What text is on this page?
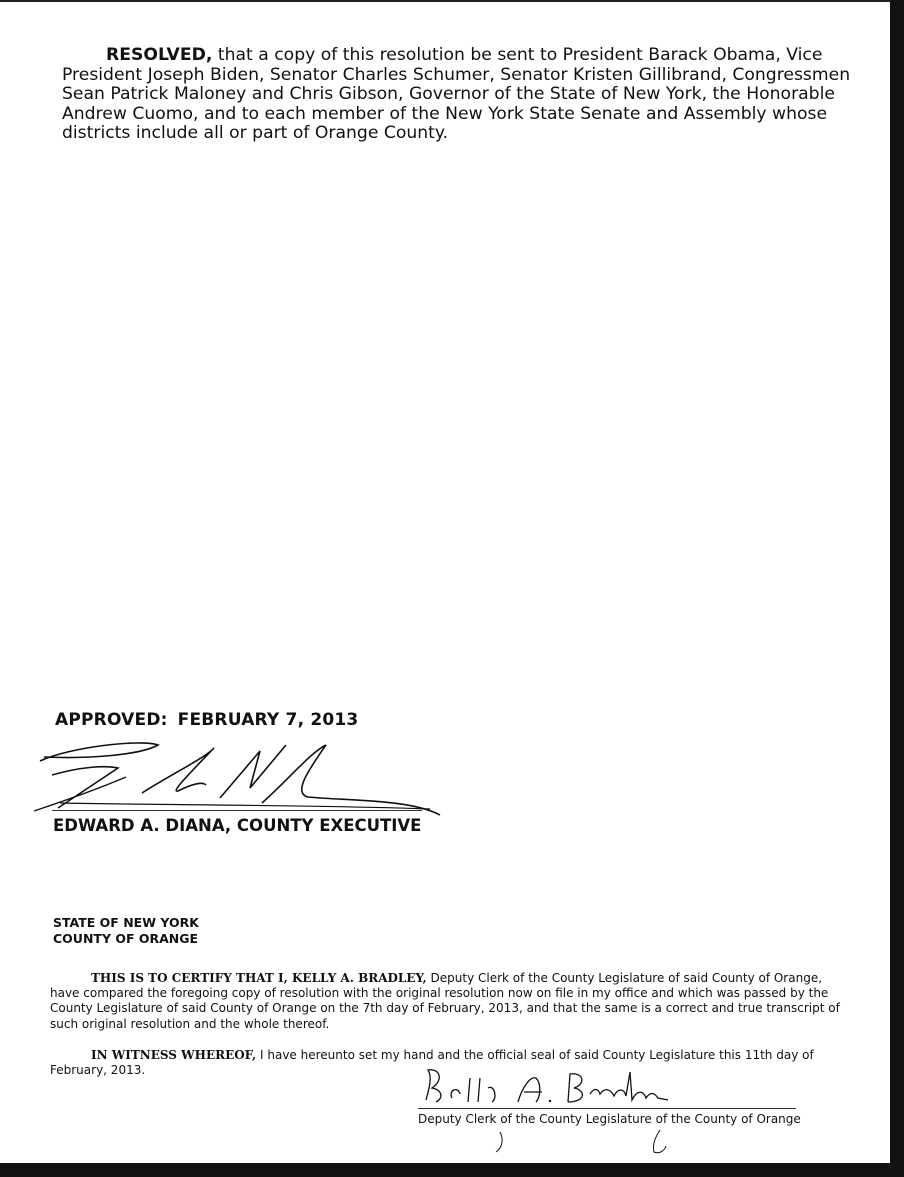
RESOLVED, that a copy of this resolution be sent to President Barack Obama, Vice President Joseph Biden, Senator Charles Schumer, Senator Kristen Gillibrand, Congressmen Sean Patrick Maloney and Chris Gibson, Governor of the State of New York, the Honorable Andrew Cuomo, and to each member of the New York State Senate and Assembly whose districts include all or part of Orange County.

APPROVED: FEBRUARY 7, 2013

EDWARD A. DIANA, COUNTY EXECUTIVE

STATE OF NEW YORK
COUNTY OF ORANGE

THIS IS TO CERTIFY THAT I, KELLY A. BRADLEY, Deputy Clerk of the County Legislature of said County of Orange, have compared the foregoing copy of resolution with the original resolution now on file in my office and which was passed by the County Legislature of said County of Orange on the 7th day of February, 2013, and that the same is a correct and true transcript of such original resolution and the whole thereof.

IN WITNESS WHEREOF, I have hereunto set my hand and the official seal of said County Legislature this 11th day of February, 2013.

Deputy Clerk of the County Legislature of the County of Orange
